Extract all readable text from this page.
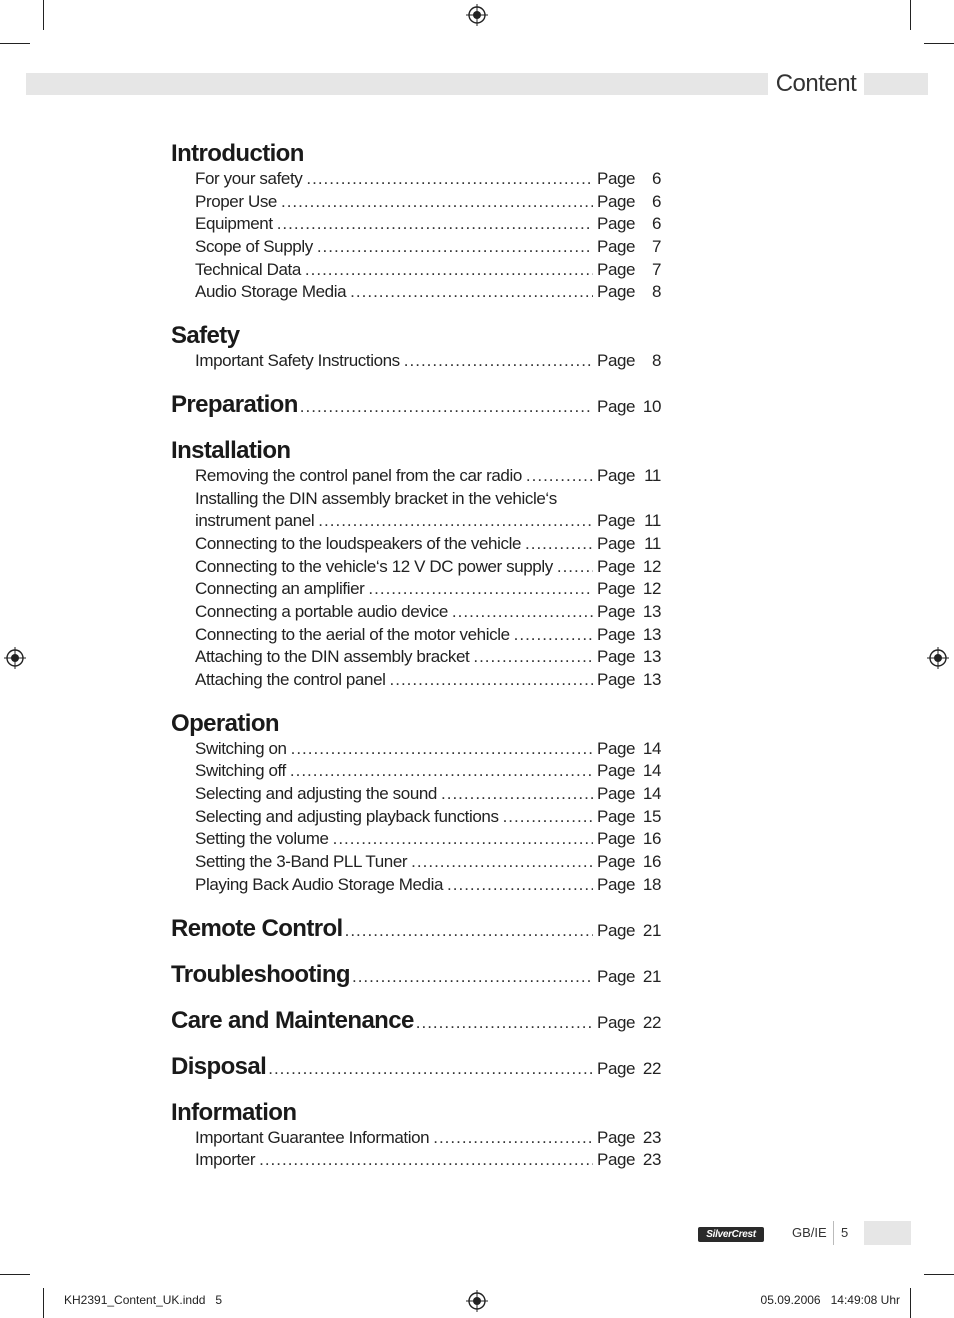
Content
Introduction
For your safety .....	Page 6
Proper Use .....	Page 6
Equipment .....	Page 6
Scope of Supply .....	Page 7
Technical Data .....	Page 7
Audio Storage Media .....	Page 8
Safety
Important Safety Instructions .....	Page 8
Preparation .....	Page 10
Installation
Removing the control panel from the car radio .....	Page 11
Installing the DIN assembly bracket in the vehicle‘s
instrument panel .....	Page 11
Connecting to the loudspeakers of the vehicle .....	Page 11
Connecting to the vehicle‘s 12 V DC power supply .....	Page 12
Connecting an amplifier .....	Page 12
Connecting a portable audio device .....	Page 13
Connecting to the aerial of the motor vehicle .....	Page 13
Attaching to the DIN assembly bracket .....	Page 13
Attaching the control panel .....	Page 13
Operation
Switching on .....	Page 14
Switching off .....	Page 14
Selecting and adjusting the sound .....	Page 14
Selecting and adjusting playback functions .....	Page 15
Setting the volume .....	Page 16
Setting the 3-Band PLL Tuner .....	Page 16
Playing Back Audio Storage Media .....	Page 18
Remote Control .....	Page 21
Troubleshooting .....	Page 21
Care and Maintenance .....	Page 22
Disposal .....	Page 22
Information
Important Guarantee Information .....	Page 23
Importer .....	Page 23
SilverCrest	GB/IE 5
KH2391_Content_UK.indd   5	05.09.2006   14:49:08 Uhr
